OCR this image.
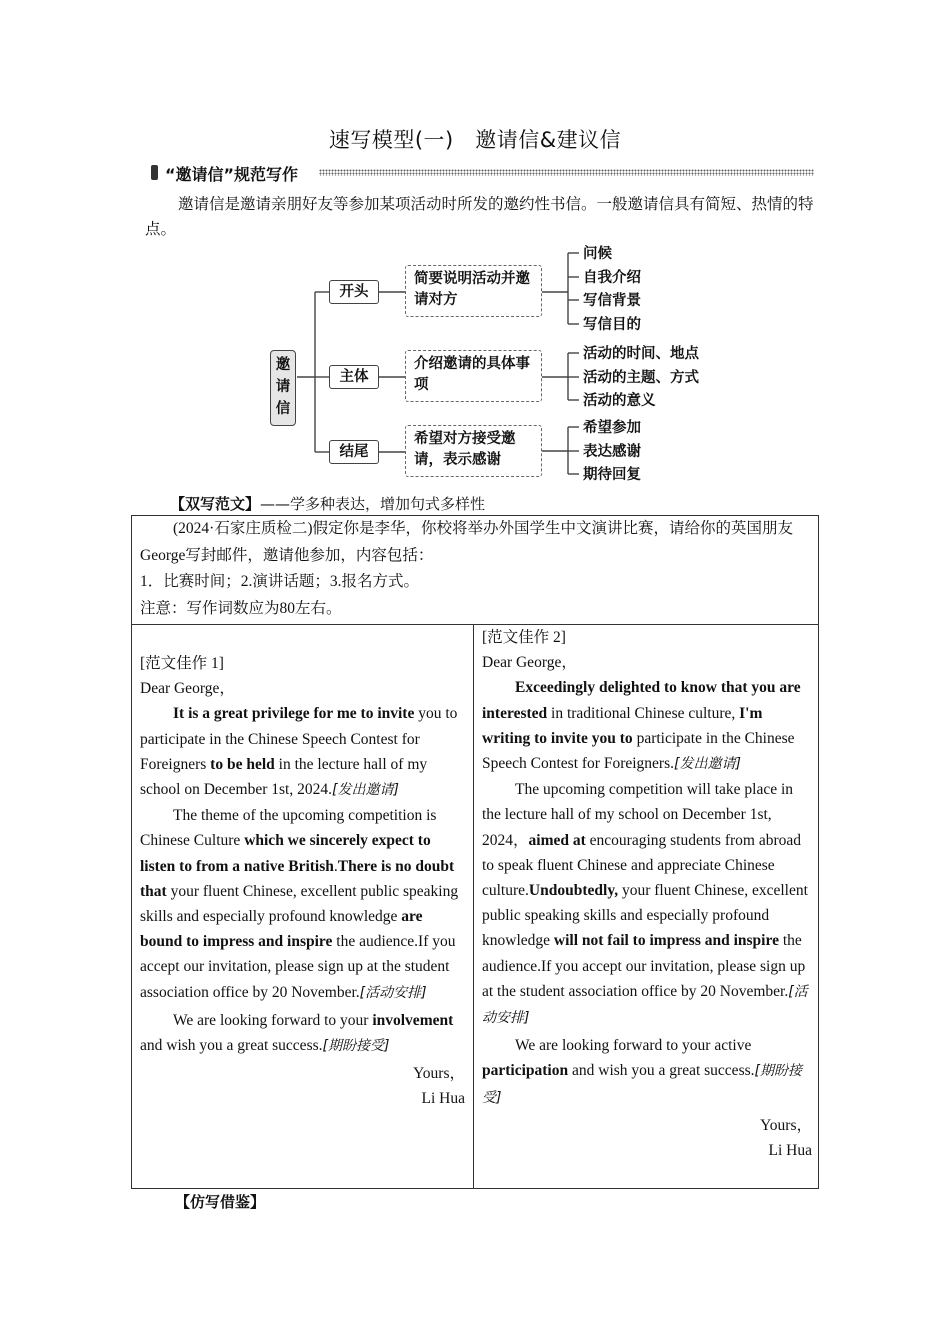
速写模型(一)　邀请信&建议信
“邀请信”规范写作
邀请信是邀请亲朋好友等参加某项活动时所发的邀约性书信。一般邀请信具有简短、热情的特点。
邀
请
信
开头
主体
结尾
简要说明活动并邀请对方
介绍邀请的具体事项
希望对方接受邀请，表示感谢
问候
自我介绍
写信背景
写信目的
活动的时间、地点
活动的主题、方式
活动的意义
希望参加
表达感谢
期待回复
【双写范文】——学多种表达，增加句式多样性
(2024·石家庄质检二)假定你是李华，你校将举办外国学生中文演讲比赛，请给你的英国朋友George写封邮件，邀请他参加，内容包括：
1．比赛时间；2.演讲话题；3.报名方式。
注意：写作词数应为80左右。

[范文佳作 1]

Dear George，

It is a great privilege for me to invite you to participate in the Chinese Speech Contest for Foreigners to be held in the lecture hall of my school on December 1st, 2024.[发出邀请]

The theme of the upcoming competition is Chinese Culture which we sincerely expect to listen to from a native British.There is no doubt that your fluent Chinese, excellent public speaking skills and especially profound knowledge are bound to impress and inspire the audience.If you accept our invitation, please sign up at the student association office by 20 November.[活动安排]

We are looking forward to your involvement and wish you a great success.[期盼接受]

Yours，

Li Hua

[范文佳作 2]

Dear George，

Exceedingly delighted to know that you are interested in traditional Chinese culture, I'm writing to invite you to participate in the Chinese Speech Contest for Foreigners.[发出邀请]

The upcoming competition will take place in the lecture hall of my school on December 1st, 2024，aimed at encouraging students from abroad to speak fluent Chinese and appreciate Chinese culture.Undoubtedly, your fluent Chinese, excellent public speaking skills and especially profound knowledge will not fail to impress and inspire the audience.If you accept our invitation, please sign up at the student association office by 20 November.[活动安排]

We are looking forward to your active participation and wish you a great success.[期盼接受]

Yours，

Li Hua

【仿写借鉴】
